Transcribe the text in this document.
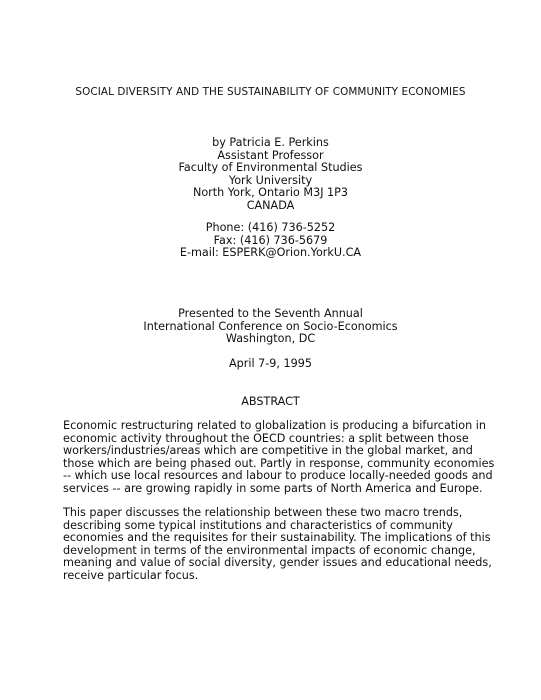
SOCIAL DIVERSITY AND THE SUSTAINABILITY OF COMMUNITY ECONOMIES
by Patricia E. Perkins
Assistant Professor
Faculty of Environmental Studies
York University
North York, Ontario M3J 1P3
CANADA
Phone: (416) 736-5252
Fax: (416) 736-5679
E-mail: ESPERK@Orion.YorkU.CA
Presented to the Seventh Annual
International Conference on Socio-Economics
Washington, DC
April 7-9, 1995
ABSTRACT
Economic restructuring related to globalization is producing a bifurcation in
economic activity throughout the OECD countries: a split between those
workers/industries/areas which are competitive in the global market, and
those which are being phased out. Partly in response, community economies
-- which use local resources and labour to produce locally-needed goods and
services -- are growing rapidly in some parts of North America and Europe.
This paper discusses the relationship between these two macro trends,
describing some typical institutions and characteristics of community
economies and the requisites for their sustainability. The implications of this
development in terms of the environmental impacts of economic change,
meaning and value of social diversity, gender issues and educational needs,
receive particular focus.
